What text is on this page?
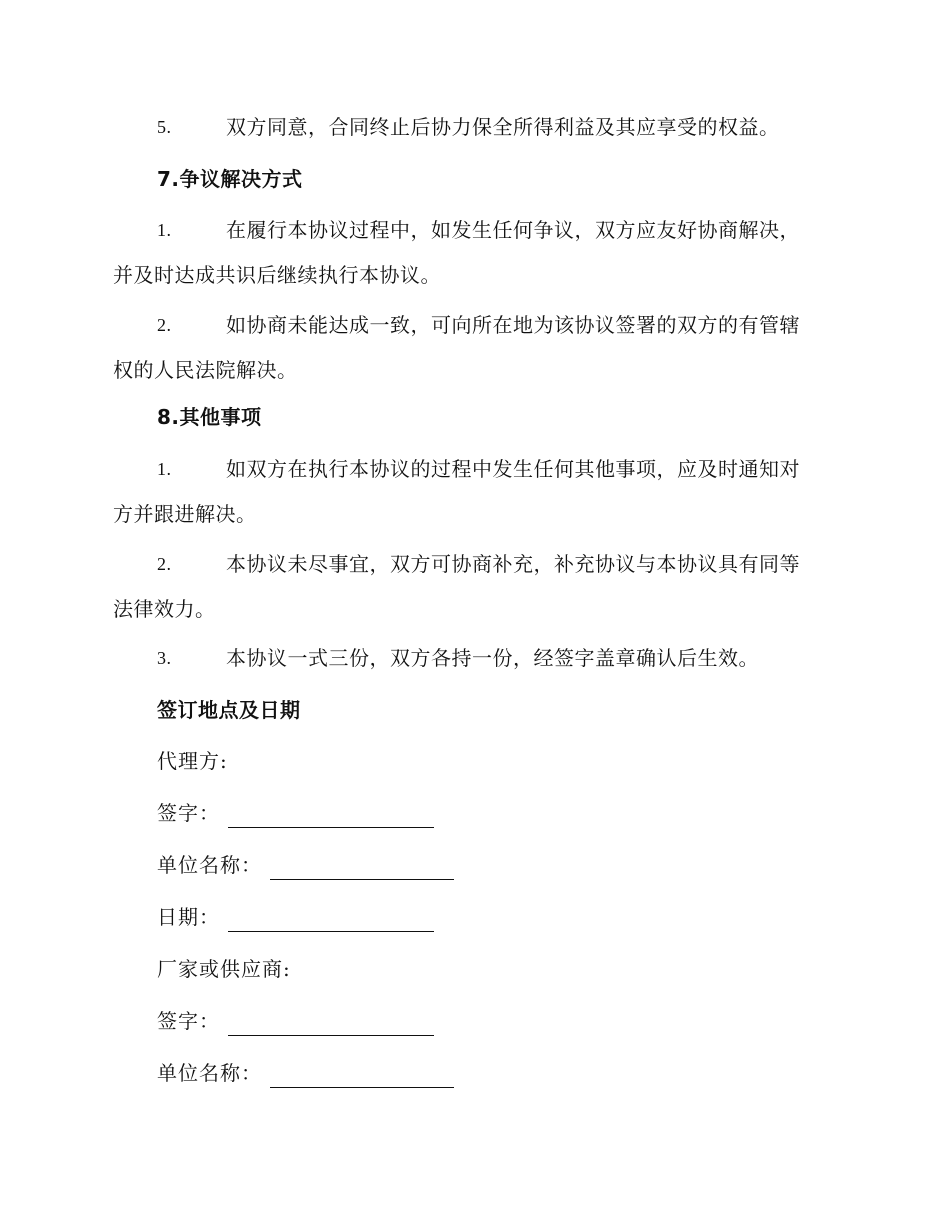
5.	双方同意，合同终止后协力保全所得利益及其应享受的权益。
7.争议解决方式
1.	在履行本协议过程中，如发生任何争议，双方应友好协商解决，
并及时达成共识后继续执行本协议。
2.	如协商未能达成一致，可向所在地为该协议签署的双方的有管辖
权的人民法院解决。
8.其他事项
1.	如双方在执行本协议的过程中发生任何其他事项，应及时通知对
方并跟进解决。
2.	本协议未尽事宜，双方可协商补充，补充协议与本协议具有同等
法律效力。
3.	本协议一式三份，双方各持一份，经签字盖章确认后生效。
签订地点及日期
代理方:
签字：
单位名称：
日期：
厂家或供应商:
签字：
单位名称：
